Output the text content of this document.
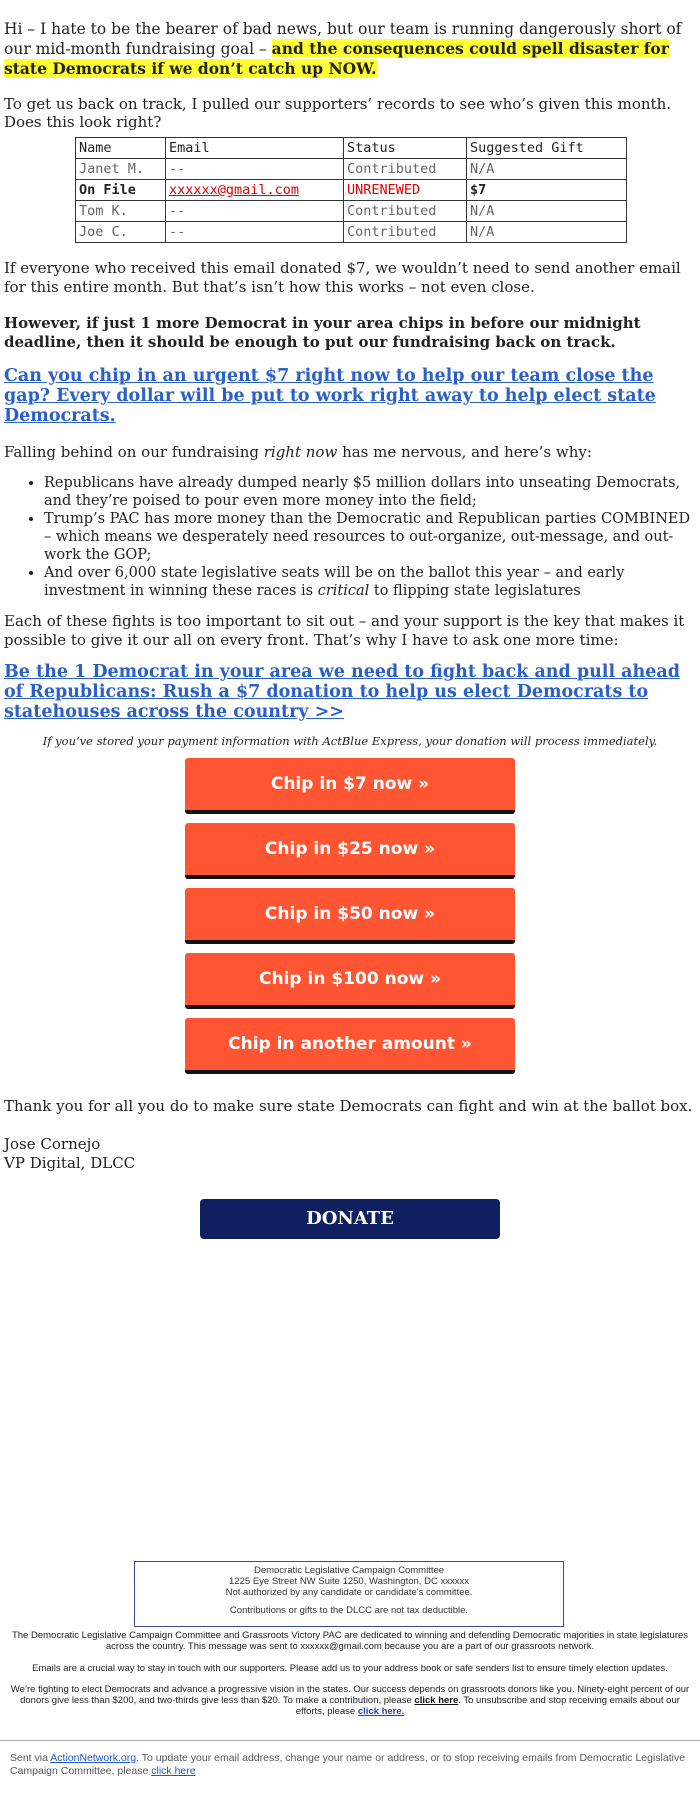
Hi – I hate to be the bearer of bad news, but our team is running dangerously short of our mid-month fundraising goal – and the consequences could spell disaster for state Democrats if we don’t catch up NOW.

To get us back on track, I pulled our supporters’ records to see who’s given this month. Does this look right?

Name	Email	Status	Suggested Gift
Janet M.	--	Contributed	N/A
On File	xxxxxx@gmail.com	UNRENEWED	$7
Tom K.	--	Contributed	N/A
Joe C.	--	Contributed	N/A

If everyone who received this email donated $7, we wouldn’t need to send another email for this entire month. But that’s isn’t how this works – not even close.

However, if just 1 more Democrat in your area chips in before our midnight deadline, then it should be enough to put our fundraising back on track.

Can you chip in an urgent $7 right now to help our team close the gap? Every dollar will be put to work right away to help elect state Democrats.

Falling behind on our fundraising right now has me nervous, and here’s why:

• Republicans have already dumped nearly $5 million dollars into unseating Democrats, and they’re poised to pour even more money into the field;
• Trump’s PAC has more money than the Democratic and Republican parties COMBINED – which means we desperately need resources to out-organize, out-message, and out-work the GOP;
• And over 6,000 state legislative seats will be on the ballot this year – and early investment in winning these races is critical to flipping state legislatures

Each of these fights is too important to sit out – and your support is the key that makes it possible to give it our all on every front. That’s why I have to ask one more time:

Be the 1 Democrat in your area we need to fight back and pull ahead of Republicans: Rush a $7 donation to help us elect Democrats to statehouses across the country >>

If you’ve stored your payment information with ActBlue Express, your donation will process immediately.

Chip in $7 now »
Chip in $25 now »
Chip in $50 now »
Chip in $100 now »
Chip in another amount »

Thank you for all you do to make sure state Democrats can fight and win at the ballot box.

Jose Cornejo
VP Digital, DLCC

DONATE
Democratic Legislative Campaign Committee
1225 Eye Street NW Suite 1250, Washington, DC xxxxxx
Not authorized by any candidate or candidate's committee.
Contributions or gifts to the DLCC are not tax deductible.
The Democratic Legislative Campaign Committee and Grassroots Victory PAC are dedicated to winning and defending Democratic majorities in state legislatures across the country. This message was sent to xxxxxx@gmail.com because you are a part of our grassroots network.
Emails are a crucial way to stay in touch with our supporters. Please add us to your address book or safe senders list to ensure timely election updates.
We’re fighting to elect Democrats and advance a progressive vision in the states. Our success depends on grassroots donors like you. Ninety-eight percent of our donors give less than $200, and two-thirds give less than $20. To make a contribution, please click here. To unsubscribe and stop receiving emails about our efforts, please click here.
Sent via ActionNetwork.org. To update your email address, change your name or address, or to stop receiving emails from Democratic Legislative Campaign Committee, please click here
